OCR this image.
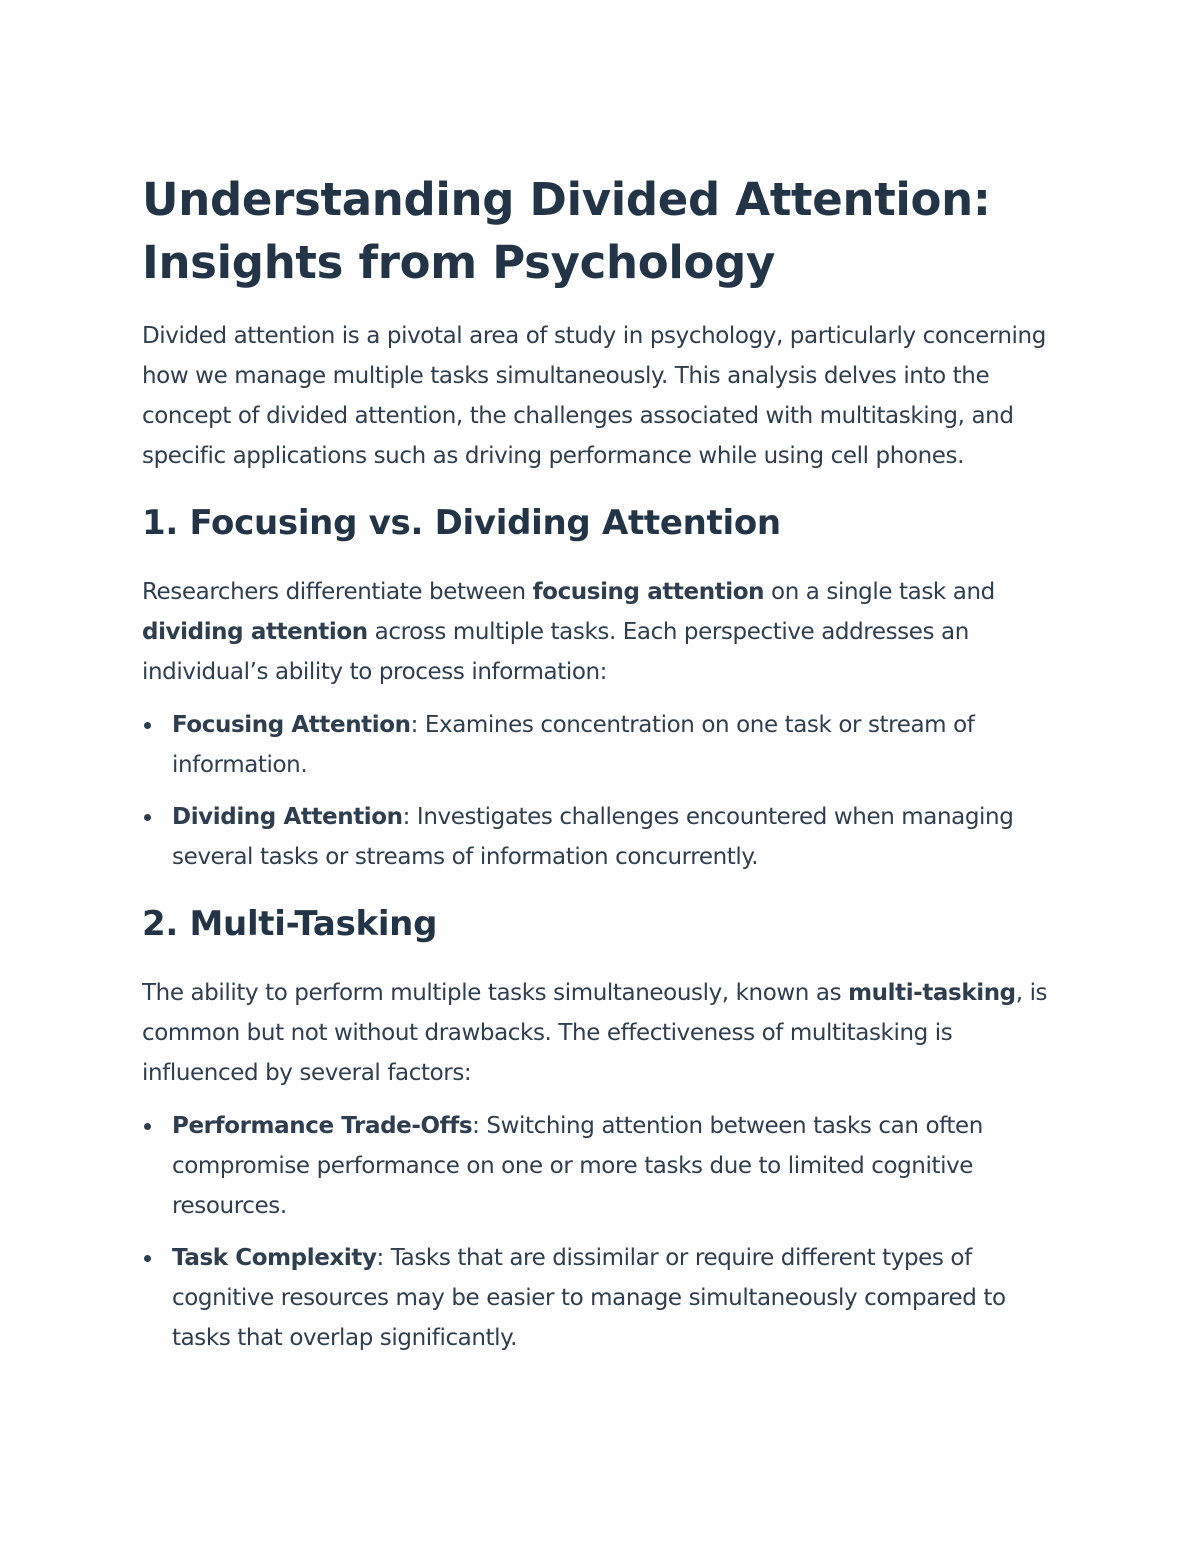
Understanding Divided Attention: Insights from Psychology

Divided attention is a pivotal area of study in psychology, particularly concerning how we manage multiple tasks simultaneously. This analysis delves into the concept of divided attention, the challenges associated with multitasking, and specific applications such as driving performance while using cell phones.

1. Focusing vs. Dividing Attention

Researchers differentiate between focusing attention on a single task and dividing attention across multiple tasks. Each perspective addresses an individual’s ability to process information:

Focusing Attention: Examines concentration on one task or stream of information.
Dividing Attention: Investigates challenges encountered when managing several tasks or streams of information concurrently.
2. Multi-Tasking

The ability to perform multiple tasks simultaneously, known as multi-tasking, is common but not without drawbacks. The effectiveness of multitasking is influenced by several factors:

Performance Trade-Offs: Switching attention between tasks can often compromise performance on one or more tasks due to limited cognitive resources.
Task Complexity: Tasks that are dissimilar or require different types of cognitive resources may be easier to manage simultaneously compared to tasks that overlap significantly.
